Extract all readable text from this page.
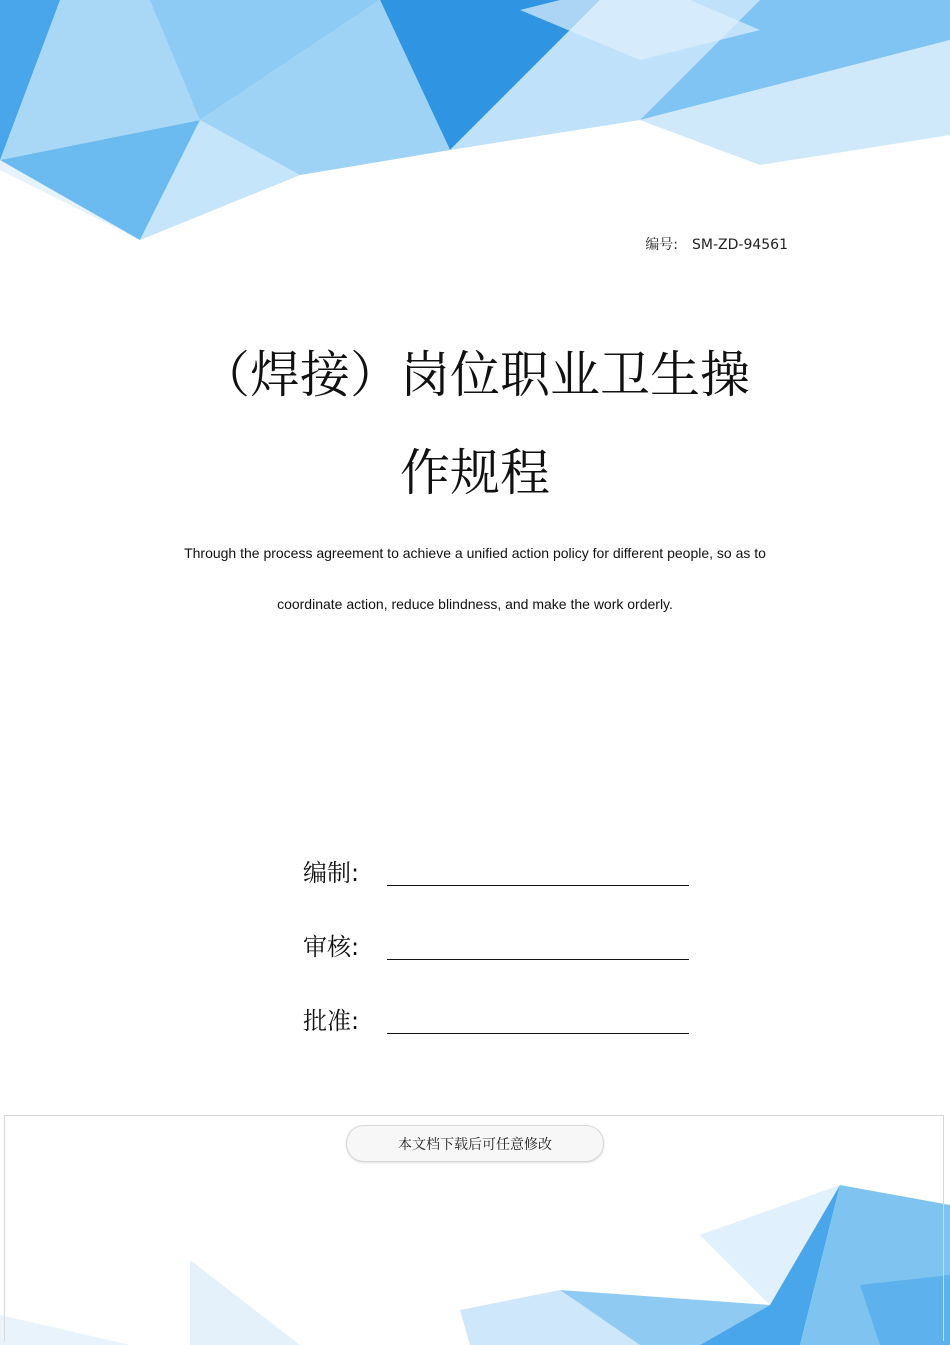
编号: SM-ZD-94561
（焊接）岗位职业卫生操
作规程
Through the process agreement to achieve a unified action policy for different people, so as to
coordinate action, reduce blindness, and make the work orderly.
编制:
审核:
批准:
本文档下载后可任意修改
